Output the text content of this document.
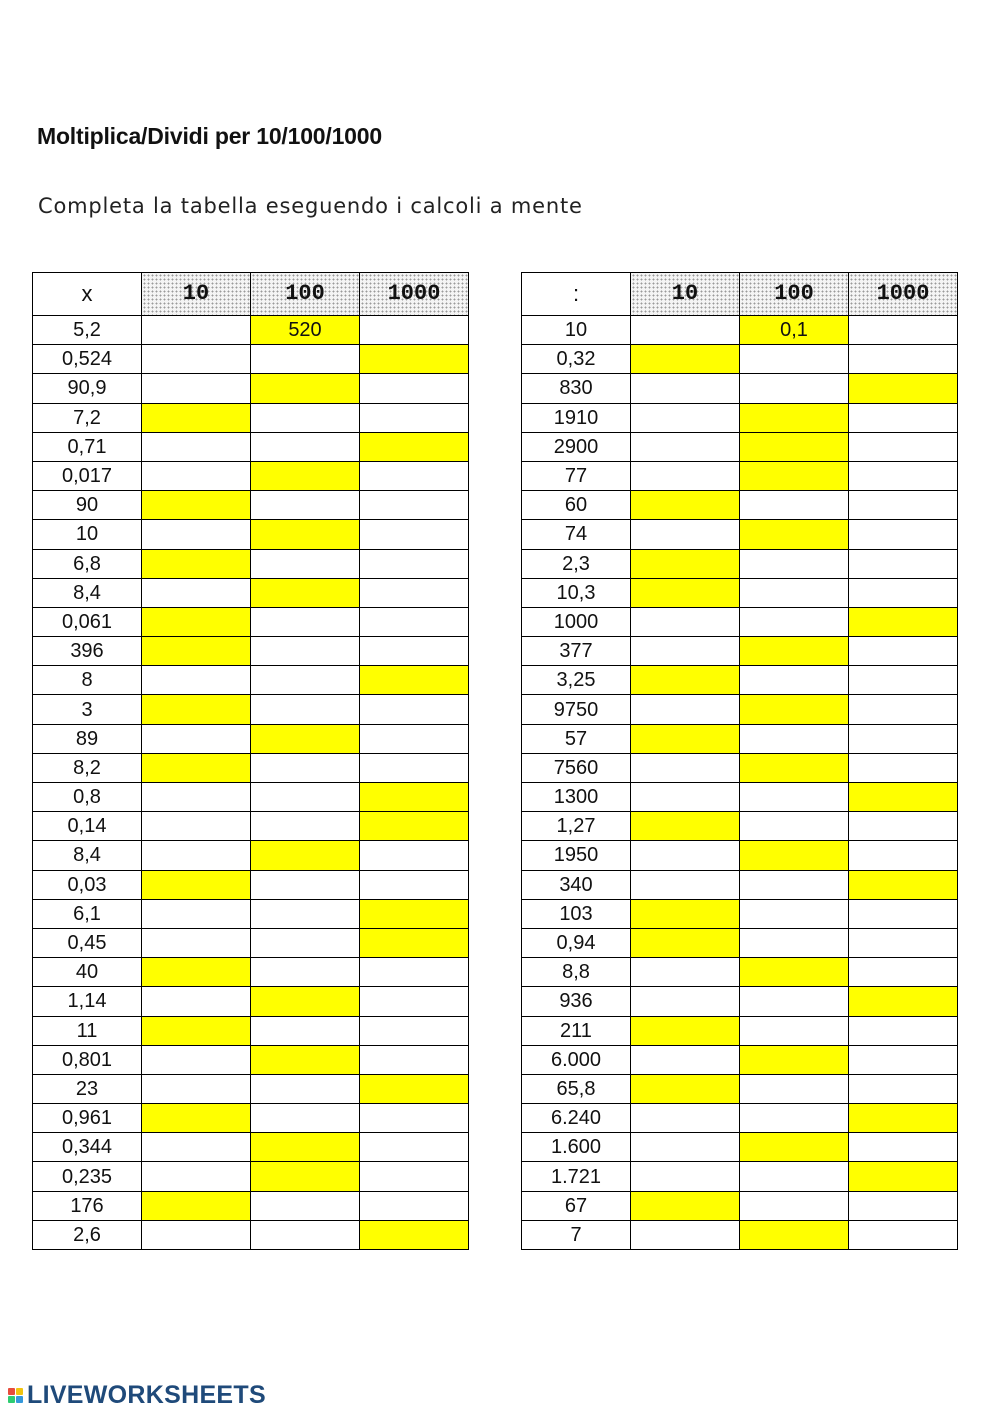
Moltiplica/Dividi per 10/100/1000
Completa la tabella eseguendo i calcoli a mente
x	10	100	1000
5,2		520	
0,524			
90,9			
7,2			
0,71			
0,017			
90			
10			
6,8			
8,4			
0,061			
396			
8			
3			
89			
8,2			
0,8			
0,14			
8,4			
0,03			
6,1			
0,45			
40			
1,14			
11			
0,801			
23			
0,961			
0,344			
0,235			
176			
2,6			
:	10	100	1000
10		0,1	
0,32			
830			
1910			
2900			
77			
60			
74			
2,3			
10,3			
1000			
377			
3,25			
9750			
57			
7560			
1300			
1,27			
1950			
340			
103			
0,94			
8,8			
936			
211			
6.000			
65,8			
6.240			
1.600			
1.721			
67			
7			
LIVEWORKSHEETS
